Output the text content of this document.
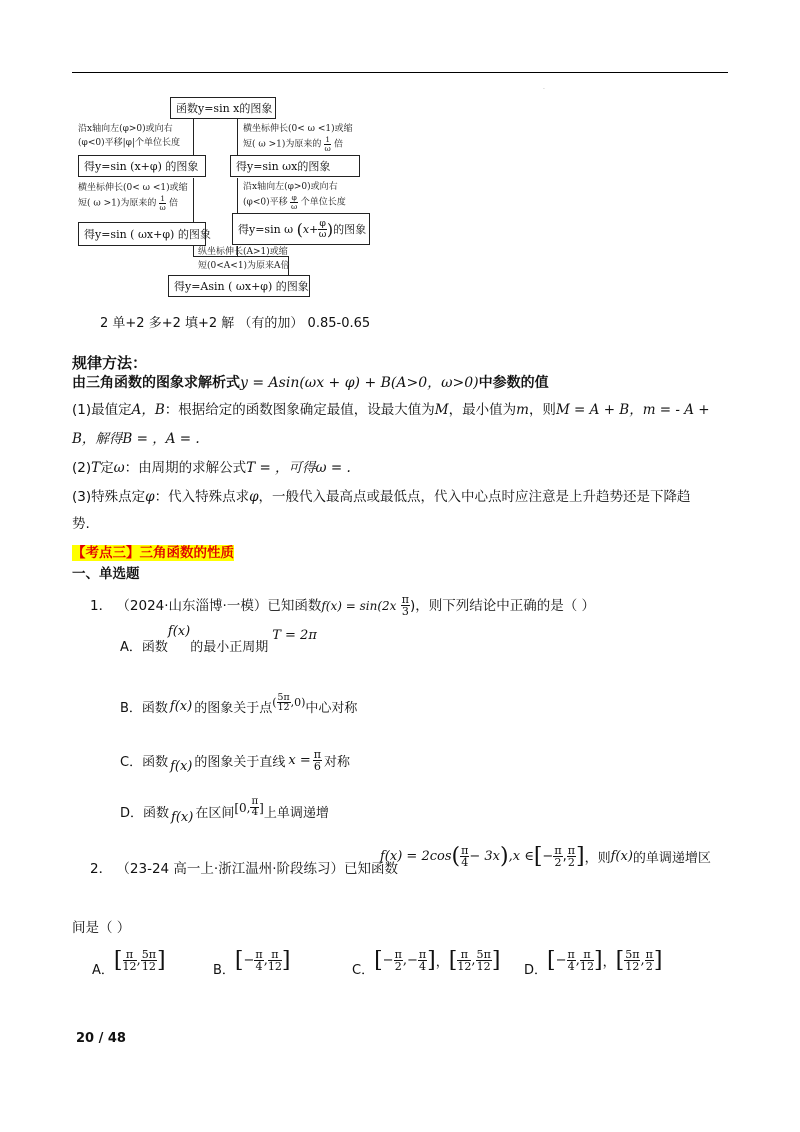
·
函数y=sin x的图象
沿x轴向左(φ>0)或向右
(φ<0)平移|φ|个单位长度
得y=sin (x+φ) 的图象
横坐标伸长(0< ω <1)或缩
短( ω >1)为原来的 $\frac{1}{\omega}$ 倍
得y=sin ( ωx+φ) 的图象
横坐标伸长(0< ω <1)或缩
短( ω >1)为原来的 $\frac{1}{\omega}$ 倍
得y=sin ωx的图象
沿x轴向左(φ>0)或向右
(φ<0)平移 $\frac{\varphi}{\omega}$ 个单位长度
得y=sin ω
( $x + \frac{\varphi}{\omega}$ ) 的图象
纵坐标伸长(A>1)或缩
短(0<A<1)为原来A倍
得y=Asin ( ωx+φ) 的图象
2 单+2 多+2 填+2 解 （有的加） 0.85-0.65
规律方法：
由三角函数的图象求解析式y = Asin(ωx + φ) + B(A>0，ω>0)中参数的值
(1)最值定A，B：根据给定的函数图象确定最值，设最大值为M，最小值为m，则M = A + B，m = - A +
B，解得B = ，A = .
(2)T定ω：由周期的求解公式T = ，可得ω = .
(3)特殊点定φ：代入特殊点求φ，一般代入最高点或最低点，代入中心点时应注意是上升趋势还是下降趋
势.
【考点三】三角函数的性质
一、单选题
1．
（2024·山东淄博·一模）已知函数 f(x) = sin(2x
$\frac{\pi}{3}$ )，则下列结论中正确的是（ ）
A．函数
f(x)
的最小正周期
T = 2π
B．函数 f(x) 的图象关于点 ( $\frac{5\pi}{12} ,0$) 中心对称
C．函数 f(x) 的图象关于直线 $x = \frac{\pi}{6}$ 对称
D．函数 f(x) 在区间 [0, $\frac{\pi}{4}$ ] 上单调递增
2．
（23-24 高一上·浙江温州·阶段练习）已知函数
f(x) = 2cos ( $\frac{\pi}{4} - 3x$ ) ,x ∈ [ − $\frac{\pi}{2}$ , $\frac{\pi}{2}$ ] ，则 f(x) 的单调递增区
间是（ ）
A． [ $\frac{\pi}{12}$ , $\frac{5\pi}{12}$ ]	B． [ − $\frac{\pi}{4}$ , $\frac{\pi}{12}$ ]	C． [ − $\frac{\pi}{2}$ ,− $\frac{\pi}{4}$ ] ， [ $\frac{\pi}{12}$ , $\frac{5\pi}{12}$ ] D． [ − $\frac{\pi}{4}$ , $\frac{\pi}{12}$ ] ， [ $\frac{5\pi}{12}$ , $\frac{\pi}{2}$ ]
20 / 48
